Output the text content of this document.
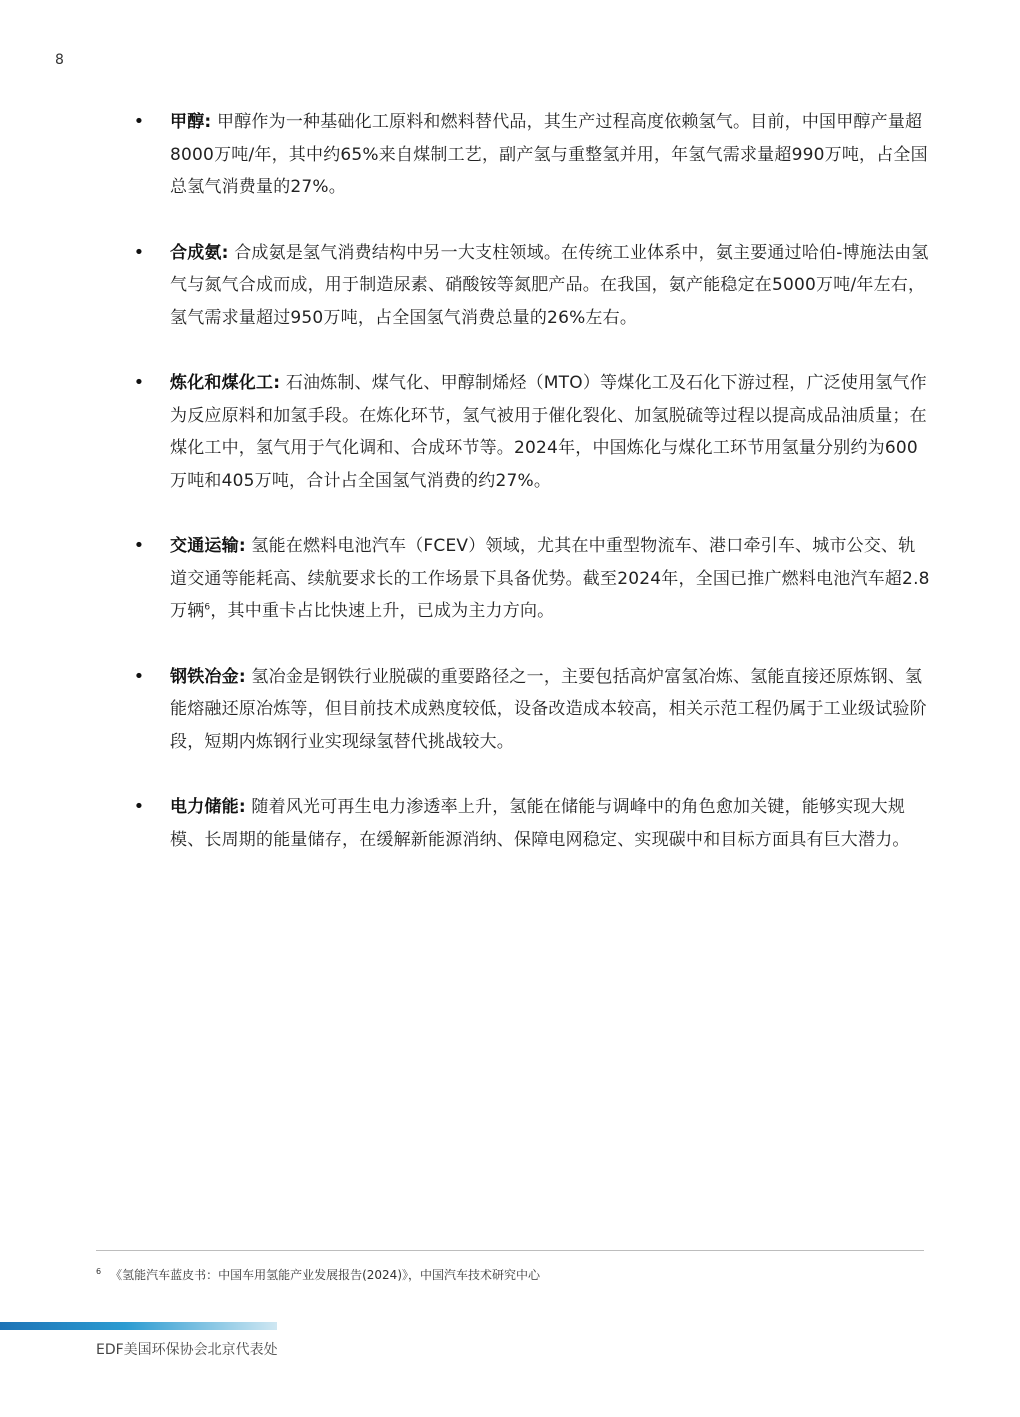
8
• 甲醇: 甲醇作为一种基础化工原料和燃料替代品，其生产过程高度依赖氢气。目前，中国甲醇产量超8000万吨/年，其中约65%来自煤制工艺，副产氢与重整氢并用，年氢气需求量超990万吨，占全国总氢气消费量的27%。
• 合成氨: 合成氨是氢气消费结构中另一大支柱领域。在传统工业体系中，氨主要通过哈伯-博施法由氢气与氮气合成而成，用于制造尿素、硝酸铵等氮肥产品。在我国，氨产能稳定在5000万吨/年左右，氢气需求量超过950万吨，占全国氢气消费总量的26%左右。
• 炼化和煤化工: 石油炼制、煤气化、甲醇制烯烃（MTO）等煤化工及石化下游过程，广泛使用氢气作为反应原料和加氢手段。在炼化环节，氢气被用于催化裂化、加氢脱硫等过程以提高成品油质量；在煤化工中，氢气用于气化调和、合成环节等。2024年，中国炼化与煤化工环节用氢量分别约为600万吨和405万吨，合计占全国氢气消费的约27%。
• 交通运输: 氢能在燃料电池汽车（FCEV）领域，尤其在中重型物流车、港口牵引车、城市公交、轨道交通等能耗高、续航要求长的工作场景下具备优势。截至2024年，全国已推广燃料电池汽车超2.8万辆$^6$，其中重卡占比快速上升，已成为主力方向。
• 钢铁冶金: 氢冶金是钢铁行业脱碳的重要路径之一，主要包括高炉富氢冶炼、氢能直接还原炼钢、氢能熔融还原冶炼等，但目前技术成熟度较低，设备改造成本较高，相关示范工程仍属于工业级试验阶段，短期内炼钢行业实现绿氢替代挑战较大。
• 电力储能: 随着风光可再生电力渗透率上升，氢能在储能与调峰中的角色愈加关键，能够实现大规模、长周期的能量储存，在缓解新能源消纳、保障电网稳定、实现碳中和目标方面具有巨大潜力。
$^6$ 《氢能汽车蓝皮书：中国车用氢能产业发展报告(2024)》，中国汽车技术研究中心
EDF美国环保协会北京代表处
